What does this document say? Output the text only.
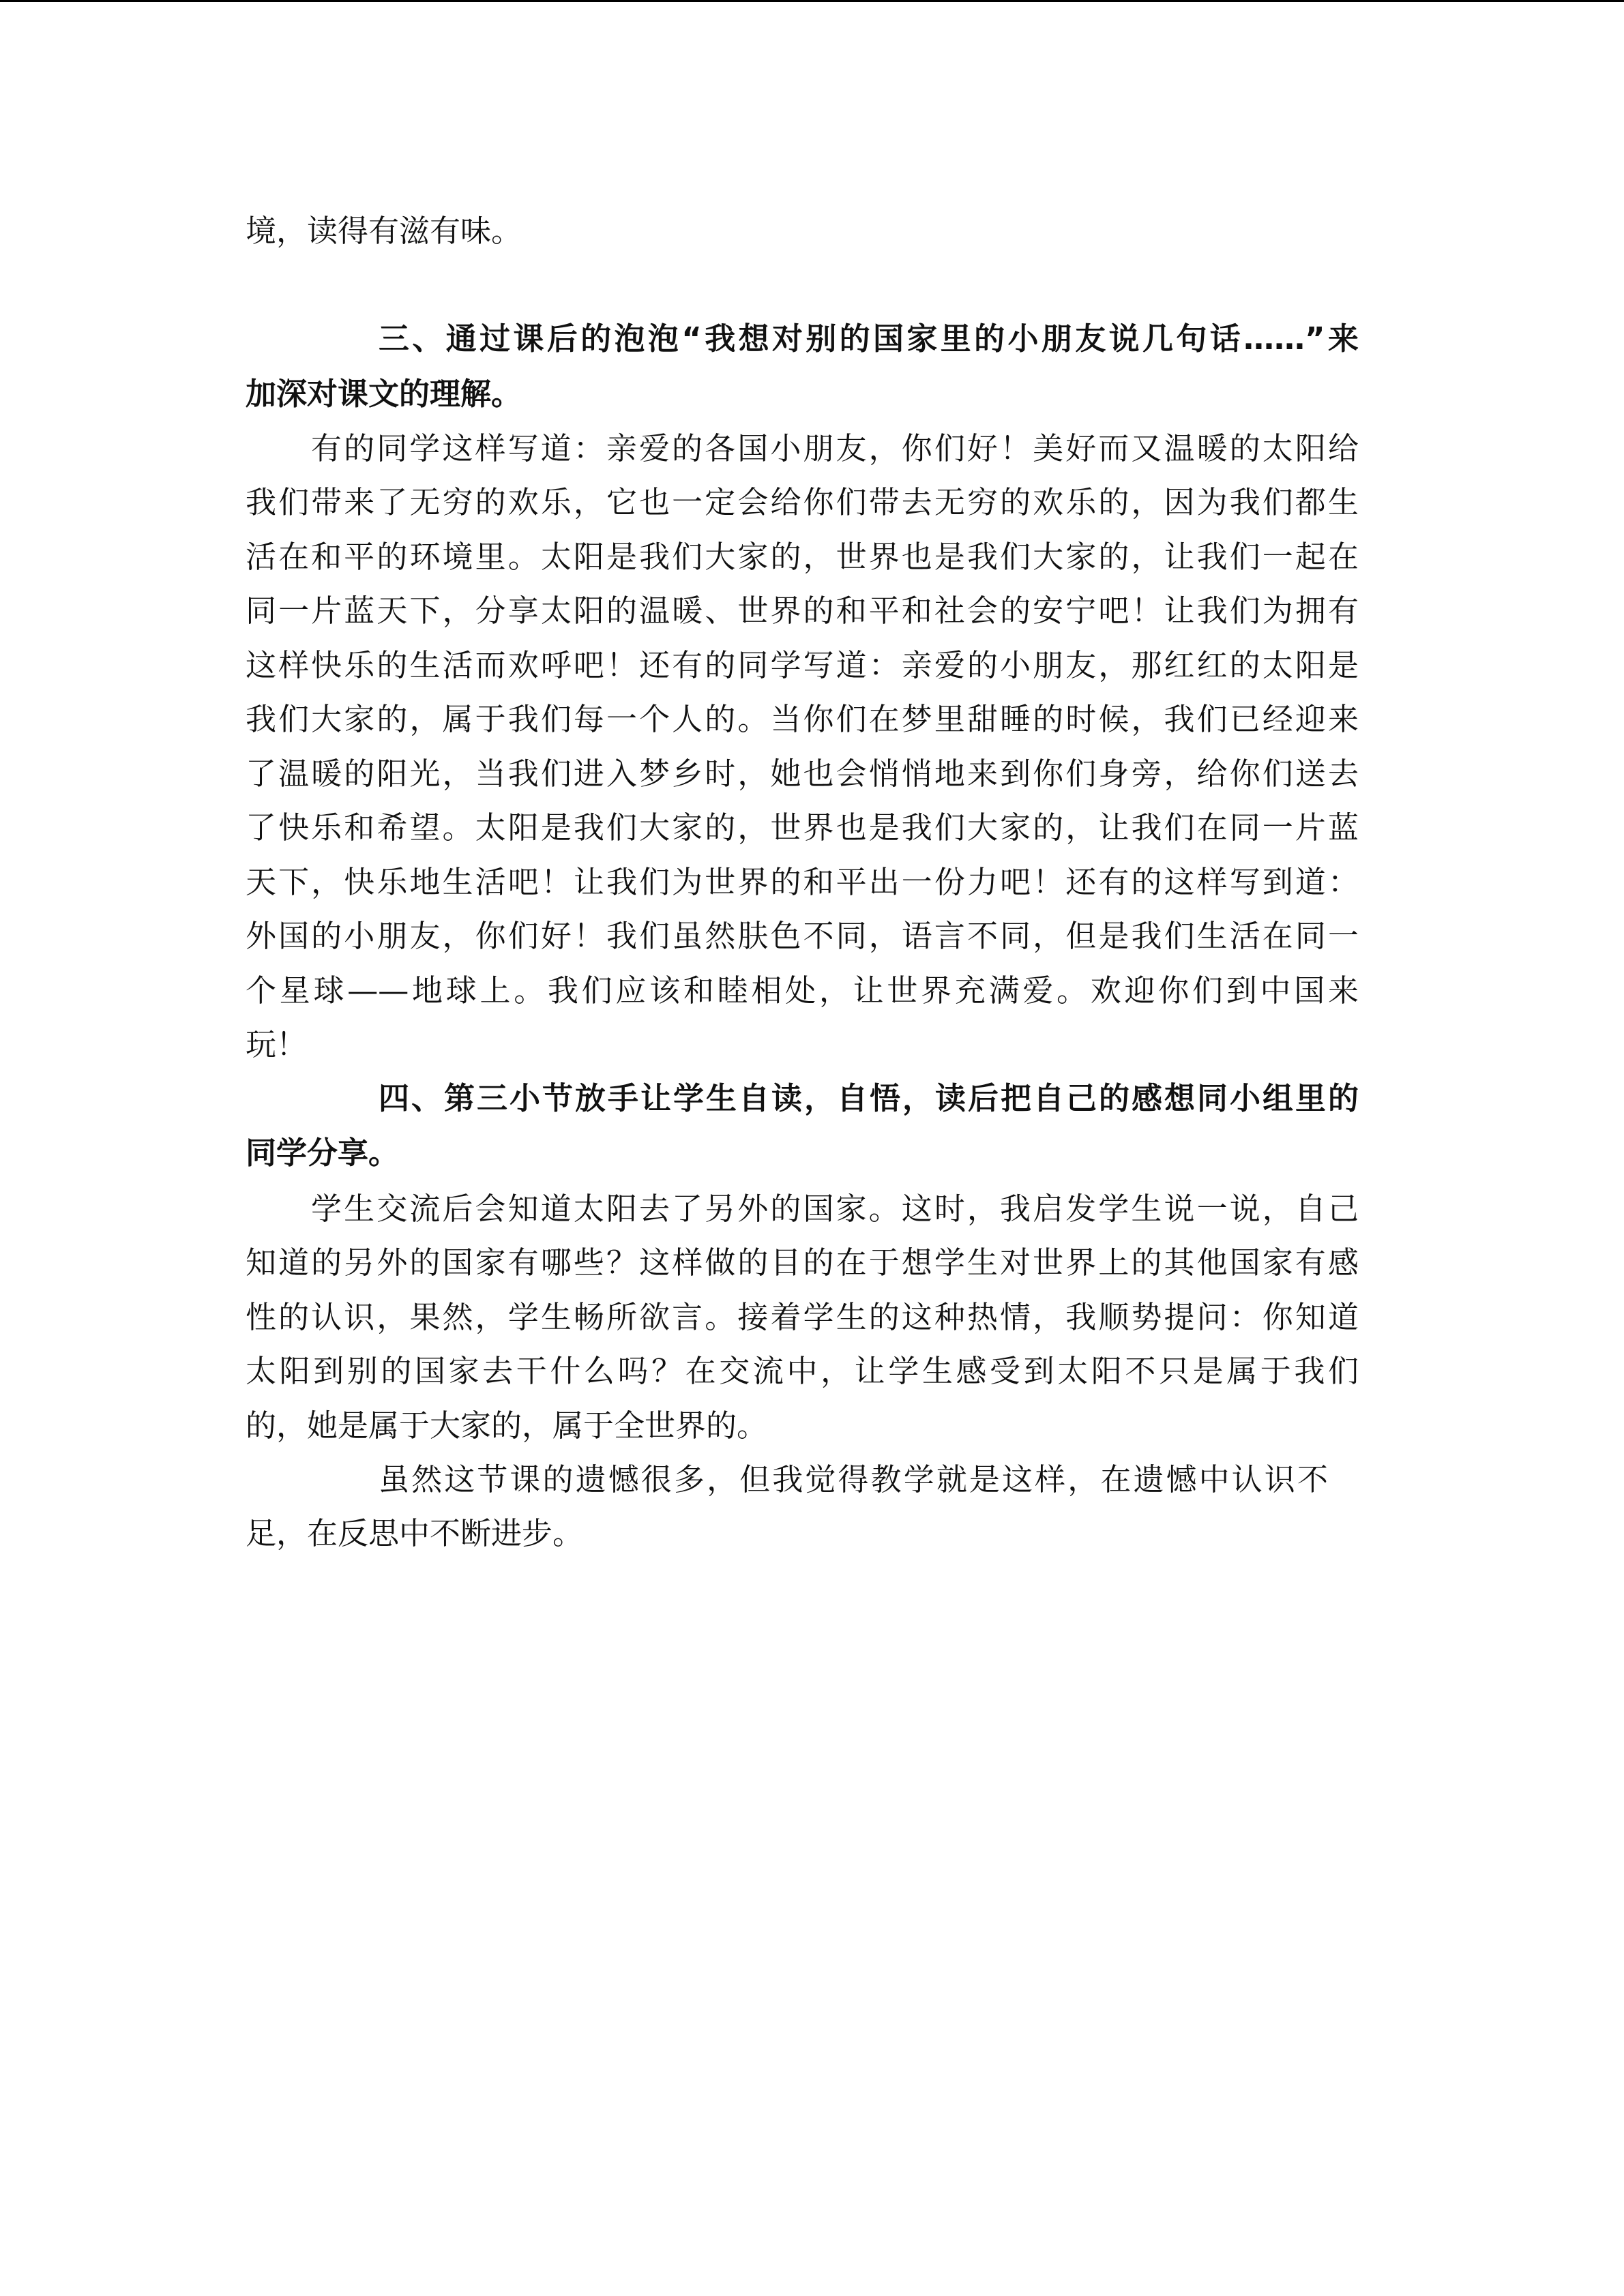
境，读得有滋有味。
三、通过课后的泡泡“我想对别的国家里的小朋友说几句话……”来
加深对课文的理解。
有的同学这样写道：亲爱的各国小朋友，你们好！美好而又温暖的太阳给
我们带来了无穷的欢乐，它也一定会给你们带去无穷的欢乐的，因为我们都生
活在和平的环境里。太阳是我们大家的，世界也是我们大家的，让我们一起在
同一片蓝天下，分享太阳的温暖、世界的和平和社会的安宁吧！让我们为拥有
这样快乐的生活而欢呼吧！还有的同学写道：亲爱的小朋友，那红红的太阳是
我们大家的，属于我们每一个人的。当你们在梦里甜睡的时候，我们已经迎来
了温暖的阳光，当我们进入梦乡时，她也会悄悄地来到你们身旁，给你们送去
了快乐和希望。太阳是我们大家的，世界也是我们大家的，让我们在同一片蓝
天下，快乐地生活吧！让我们为世界的和平出一份力吧！还有的这样写到道：
外国的小朋友，你们好！我们虽然肤色不同，语言不同，但是我们生活在同一
个星球——地球上。我们应该和睦相处，让世界充满爱。欢迎你们到中国来
玩！
四、第三小节放手让学生自读，自悟，读后把自己的感想同小组里的
同学分享。
学生交流后会知道太阳去了另外的国家。这时，我启发学生说一说，自己
知道的另外的国家有哪些？这样做的目的在于想学生对世界上的其他国家有感
性的认识，果然，学生畅所欲言。接着学生的这种热情，我顺势提问：你知道
太阳到别的国家去干什么吗？在交流中，让学生感受到太阳不只是属于我们
的，她是属于大家的，属于全世界的。
虽然这节课的遗憾很多，但我觉得教学就是这样，在遗憾中认识不
足，在反思中不断进步。
